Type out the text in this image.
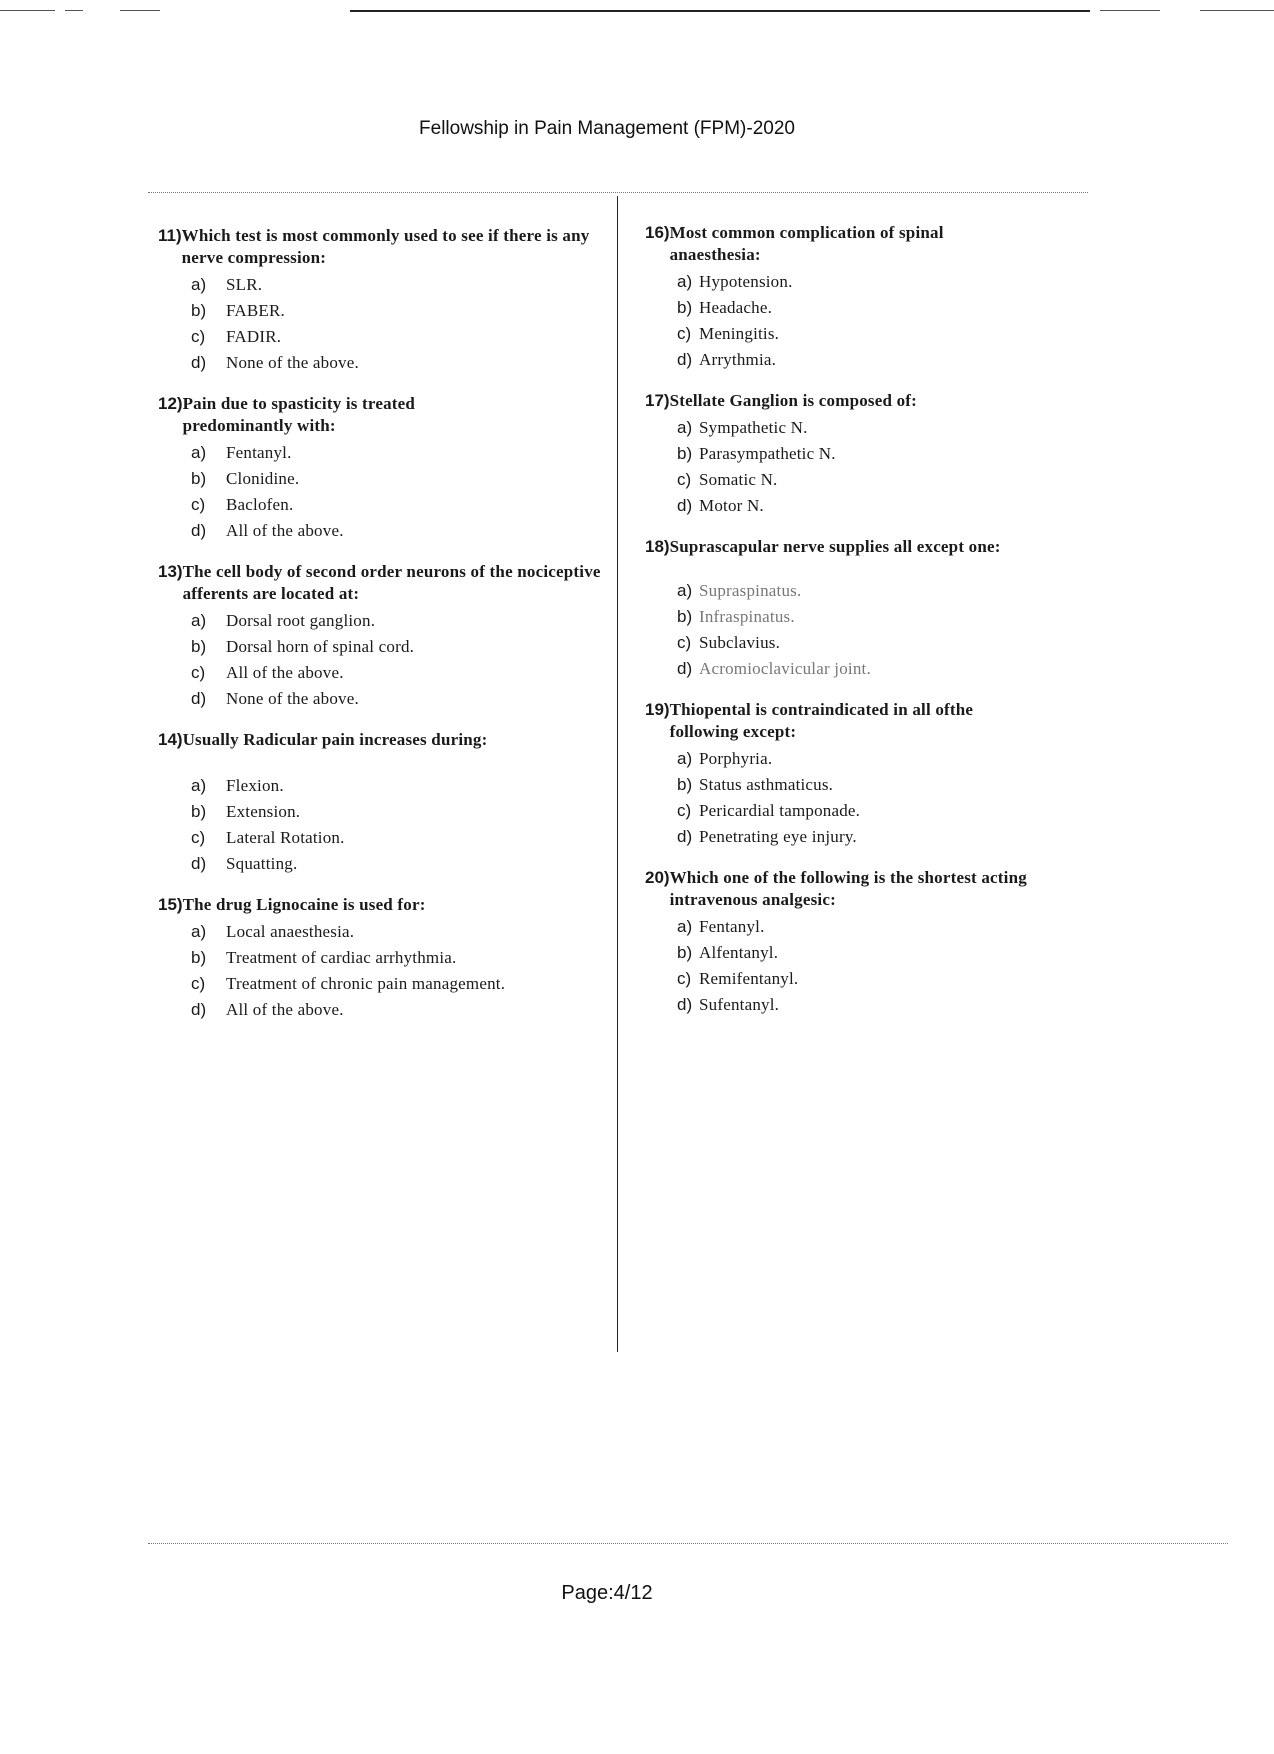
Fellowship in Pain Management (FPM)-2020
11) Which test is most commonly used to see if there is any nerve compression:
a)	SLR.
b)	FABER.
c)	FADIR.
d)	None of the above.
12) Pain due to spasticity is treated predominantly with:
a)	Fentanyl.
b)	Clonidine.
c)	Baclofen.
d)	All of the above.
13) The cell body of second order neurons of the nociceptive afferents are located at:
a)	Dorsal root ganglion.
b)	Dorsal horn of spinal cord.
c)	All of the above.
d)	None of the above.
14) Usually Radicular pain increases during:
a)	Flexion.
b)	Extension.
c)	Lateral Rotation.
d)	Squatting.
15) The drug Lignocaine is used for:
a)	Local anaesthesia.
b)	Treatment of cardiac arrhythmia.
c)	Treatment of chronic pain management.
d)	All of the above.
16) Most common complication of spinal anaesthesia:
a) Hypotension.
b) Headache.
c) Meningitis.
d) Arrythmia.
17) Stellate Ganglion is composed of:
a) Sympathetic N.
b) Parasympathetic N.
c) Somatic N.
d) Motor N.
18) Suprascapular nerve supplies all except one:
a) Supraspinatus.
b) Infraspinatus.
c) Subclavius.
d) Acromioclavicular joint.
19) Thiopental is contraindicated in all ofthe following except:
a) Porphyria.
b) Status asthmaticus.
c) Pericardial tamponade.
d) Penetrating eye injury.
20) Which one of the following is the shortest acting intravenous analgesic:
a) Fentanyl.
b) Alfentanyl.
c) Remifentanyl.
d) Sufentanyl.
Page:4/12
